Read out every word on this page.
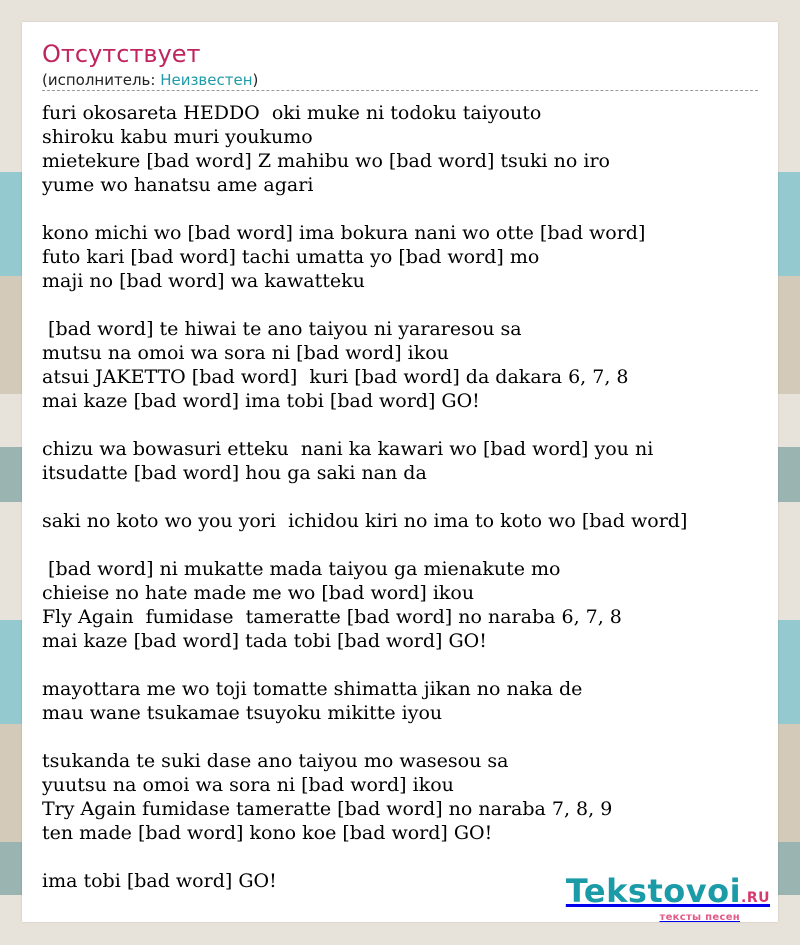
Отсутствует
(исполнитель: Неизвестен)
furi okosareta HEDDO  oki muke ni todoku taiyouto
shiroku kabu muri youkumo
mietekure [bad word] Z mahibu wo [bad word] tsuki no iro
yume wo hanatsu ame agari

kono michi wo [bad word] ima bokura nani wo otte [bad word]
futo kari [bad word] tachi umatta yo [bad word] mo
maji no [bad word] wa kawatteku

[bad word] te hiwai te ano taiyou ni yararesou sa
mutsu na omoi wa sora ni [bad word] ikou
atsui JAKETTO [bad word]  kuri [bad word] da dakara 6, 7, 8
mai kaze [bad word] ima tobi [bad word] GO!

chizu wa bowasuri etteku  nani ka kawari wo [bad word] you ni
itsudatte [bad word] hou ga saki nan da

saki no koto wo you yori  ichidou kiri no ima to koto wo [bad word]

[bad word] ni mukatte mada taiyou ga mienakute mo
chieise no hate made me wo [bad word] ikou
Fly Again  fumidase  tameratte [bad word] no naraba 6, 7, 8
mai kaze [bad word] tada tobi [bad word] GO!

mayottara me wo toji tomatte shimatta jikan no naka de
mau wane tsukamae tsuyoku mikitte iyou

tsukanda te suki dase ano taiyou mo wasesou sa
yuutsu na omoi wa sora ni [bad word] ikou
Try Again fumidase tameratte [bad word] no naraba 7, 8, 9
ten made [bad word] kono koe [bad word] GO!

ima tobi [bad word] GO!	Tekstovoi.RU
тексты песен
